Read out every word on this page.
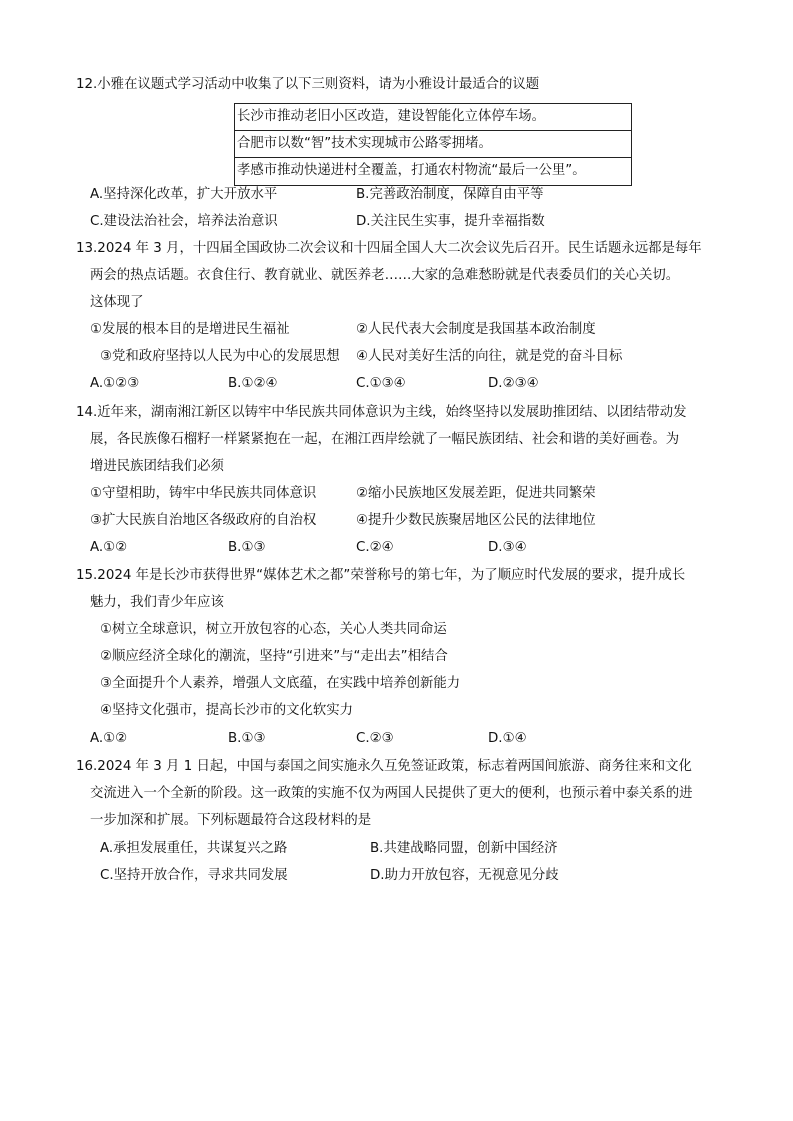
12.小雅在议题式学习活动中收集了以下三则资料，请为小雅设计最适合的议题
长沙市推动老旧小区改造，建设智能化立体停车场。
合肥市以数“智”技术实现城市公路零拥堵。
孝感市推动快递进村全覆盖，打通农村物流“最后一公里”。
A.坚持深化改革，扩大开放水平	B.完善政治制度，保障自由平等
C.建设法治社会，培养法治意识	D.关注民生实事，提升幸福指数
13.2024 年 3 月，十四届全国政协二次会议和十四届全国人大二次会议先后召开。民生话题永远都是每年
两会的热点话题。衣食住行、教育就业、就医养老……大家的急难愁盼就是代表委员们的关心关切。
这体现了
①发展的根本目的是增进民生福祉	②人民代表大会制度是我国基本政治制度
③党和政府坚持以人民为中心的发展思想 ④人民对美好生活的向往，就是党的奋斗目标
A.①②③	B.①②④	C.①③④	D.②③④
14.近年来，湖南湘江新区以铸牢中华民族共同体意识为主线，始终坚持以发展助推团结、以团结带动发
展，各民族像石榴籽一样紧紧抱在一起，在湘江西岸绘就了一幅民族团结、社会和谐的美好画卷。为
增进民族团结我们必须
①守望相助，铸牢中华民族共同体意识	②缩小民族地区发展差距，促进共同繁荣
③扩大民族自治地区各级政府的自治权	④提升少数民族聚居地区公民的法律地位
A.①②	B.①③	C.②④	D.③④
15.2024 年是长沙市获得世界“媒体艺术之都”荣誉称号的第七年，为了顺应时代发展的要求，提升成长
魅力，我们青少年应该
①树立全球意识，树立开放包容的心态，关心人类共同命运
②顺应经济全球化的潮流，坚持“引进来”与“走出去”相结合
③全面提升个人素养，增强人文底蕴，在实践中培养创新能力
④坚持文化强市，提高长沙市的文化软实力
A.①②	B.①③	C.②③	D.①④
16.2024 年 3 月 1 日起，中国与泰国之间实施永久互免签证政策，标志着两国间旅游、商务往来和文化
交流进入一个全新的阶段。这一政策的实施不仅为两国人民提供了更大的便利，也预示着中泰关系的进
一步加深和扩展。下列标题最符合这段材料的是
A.承担发展重任，共谋复兴之路	B.共建战略同盟，创新中国经济
C.坚持开放合作，寻求共同发展	D.助力开放包容，无视意见分歧
